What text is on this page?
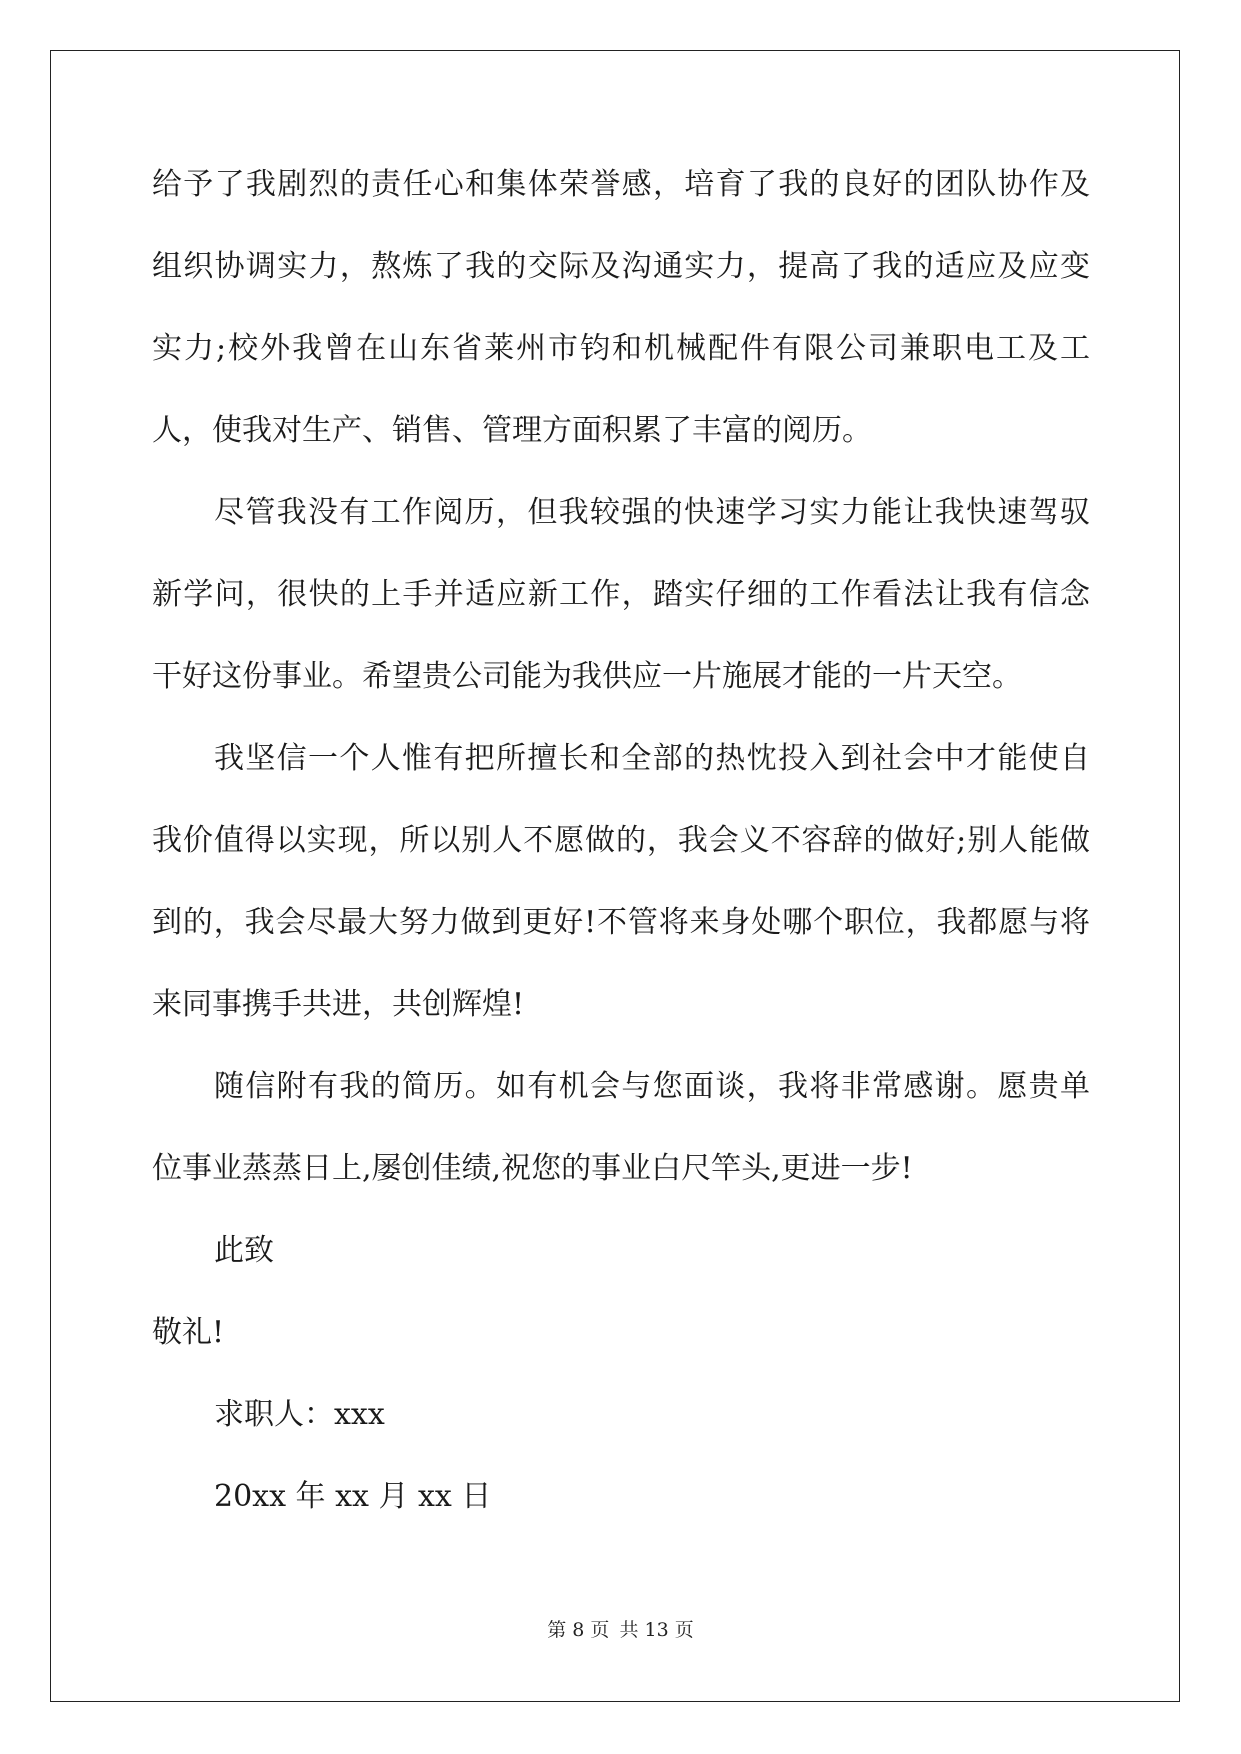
给予了我剧烈的责任心和集体荣誉感，培育了我的良好的团队协作及
组织协调实力，熬炼了我的交际及沟通实力，提高了我的适应及应变
实力;校外我曾在山东省莱州市钧和机械配件有限公司兼职电工及工
人，使我对生产、销售、管理方面积累了丰富的阅历。
尽管我没有工作阅历，但我较强的快速学习实力能让我快速驾驭
新学问，很快的上手并适应新工作，踏实仔细的工作看法让我有信念
干好这份事业。希望贵公司能为我供应一片施展才能的一片天空。
我坚信一个人惟有把所擅长和全部的热忱投入到社会中才能使自
我价值得以实现，所以别人不愿做的，我会义不容辞的做好;别人能做
到的，我会尽最大努力做到更好!不管将来身处哪个职位，我都愿与将
来同事携手共进，共创辉煌!
随信附有我的简历。如有机会与您面谈，我将非常感谢。愿贵单
位事业蒸蒸日上,屡创佳绩,祝您的事业白尺竿头,更进一步!
此致
敬礼!
求职人：xxx
20xx 年 xx 月 xx 日
第 8 页 共 13 页
